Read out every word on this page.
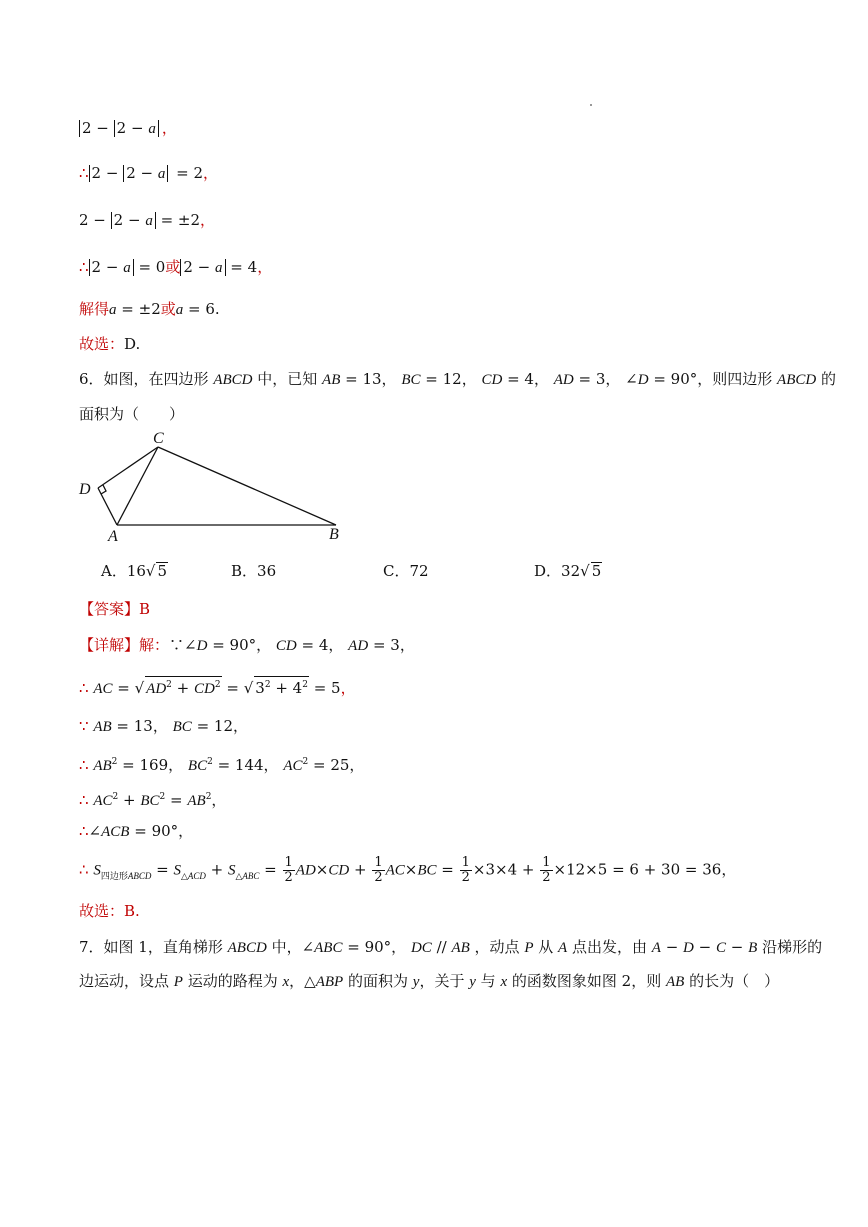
2 − 2 − a ，
∴ 2 − 2 − a = 2，
2 − 2 − a = ±2，
∴ 2 − a = 0或 2 − a = 4，
解得a = ±2或a = 6.
故选：D.
6．如图，在四边形 ABCD 中，已知 AB = 13， BC = 12， CD = 4， AD = 3， ∠D = 90°，则四边形 ABCD 的
面积为（　　）
C
D
A	B
A．16√ 5	B．36	C．72	D．32√ 5
【答案】B
【详解】解：∵∠D = 90°， CD = 4， AD = 3，
∴ AC = √ $AD^2 + CD^2$ = √ $3^2 + 4^2 = 5$，
∵ AB = 13， BC = 12，
∴ $AB^2 = 169$， $BC^2 = 144$， $AC^2 = 25$，
∴ $AC^2 + BC^2 = AB^2$，
∴∠ACB = 90°，
∴ $S_{四边形ABCD} = S_{\triangle ACD} + S_{\triangle ABC} = \frac{1}{2} AD\times CD + \frac{1}{2} AC\times BC = \frac{1}{2} \times 3\times 4 + \frac{1}{2} \times 12\times 5 = 6 + 30 = 36$，
故选：B.
7．如图 1，直角梯形 ABCD 中，∠ABC = 90°， DC // AB ，动点 P 从 A 点出发，由 A − D − C − B 沿梯形的
边运动，设点 P 运动的路程为 x，△ABP 的面积为 y，关于 y 与 x 的函数图象如图 2，则 AB 的长为（　）
